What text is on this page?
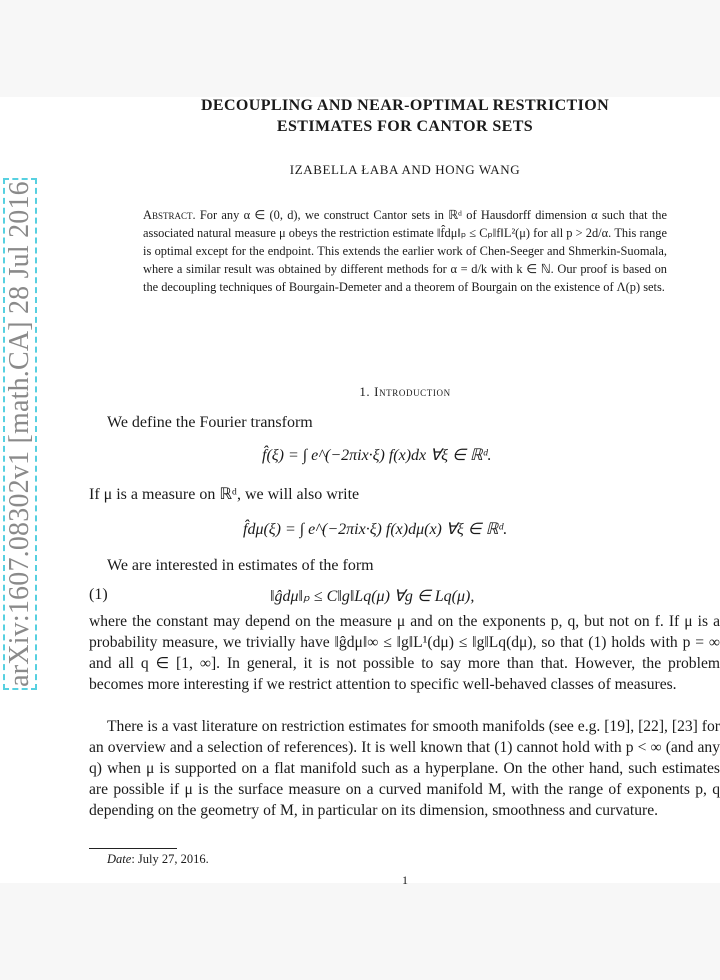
arXiv:1607.08302v1 [math.CA] 28 Jul 2016
DECOUPLING AND NEAR-OPTIMAL RESTRICTION
ESTIMATES FOR CANTOR SETS
IZABELLA ŁABA AND HONG WANG
Abstract. For any α ∈ (0, d), we construct Cantor sets in ℝᵈ of Hausdorff dimension α such that the associated natural measure μ obeys the restriction estimate ‖f̂dμ‖ₚ ≤ Cₚ‖f‖L²(μ) for all p > 2d/α. This range is optimal except for the endpoint. This extends the earlier work of Chen-Seeger and Shmerkin-Suomala, where a similar result was obtained by different methods for α = d/k with k ∈ ℕ. Our proof is based on the decoupling techniques of Bourgain-Demeter and a theorem of Bourgain on the existence of Λ(p) sets.
1. Introduction
We define the Fourier transform
f̂(ξ) = ∫ e^(−2πix·ξ) f(x)dx ∀ξ ∈ ℝᵈ.
If μ is a measure on ℝᵈ, we will also write
f̂dμ(ξ) = ∫ e^(−2πix·ξ) f(x)dμ(x) ∀ξ ∈ ℝᵈ.
We are interested in estimates of the form
(1)	‖ĝdμ‖ₚ ≤ C‖g‖Lq(μ) ∀g ∈ Lq(μ),
where the constant may depend on the measure μ and on the exponents p, q, but not on f. If μ is a probability measure, we trivially have ‖ĝdμ‖∞ ≤ ‖g‖L¹(dμ) ≤ ‖g‖Lq(dμ), so that (1) holds with p = ∞ and all q ∈ [1, ∞]. In general, it is not possible to say more than that. However, the problem becomes more interesting if we restrict attention to specific well-behaved classes of measures.
There is a vast literature on restriction estimates for smooth manifolds (see e.g. [19], [22], [23] for an overview and a selection of references). It is well known that (1) cannot hold with p < ∞ (and any q) when μ is supported on a flat manifold such as a hyperplane. On the other hand, such estimates are possible if μ is the surface measure on a curved manifold M, with the range of exponents p, q depending on the geometry of M, in particular on its dimension, smoothness and curvature.
Date: July 27, 2016.
1
